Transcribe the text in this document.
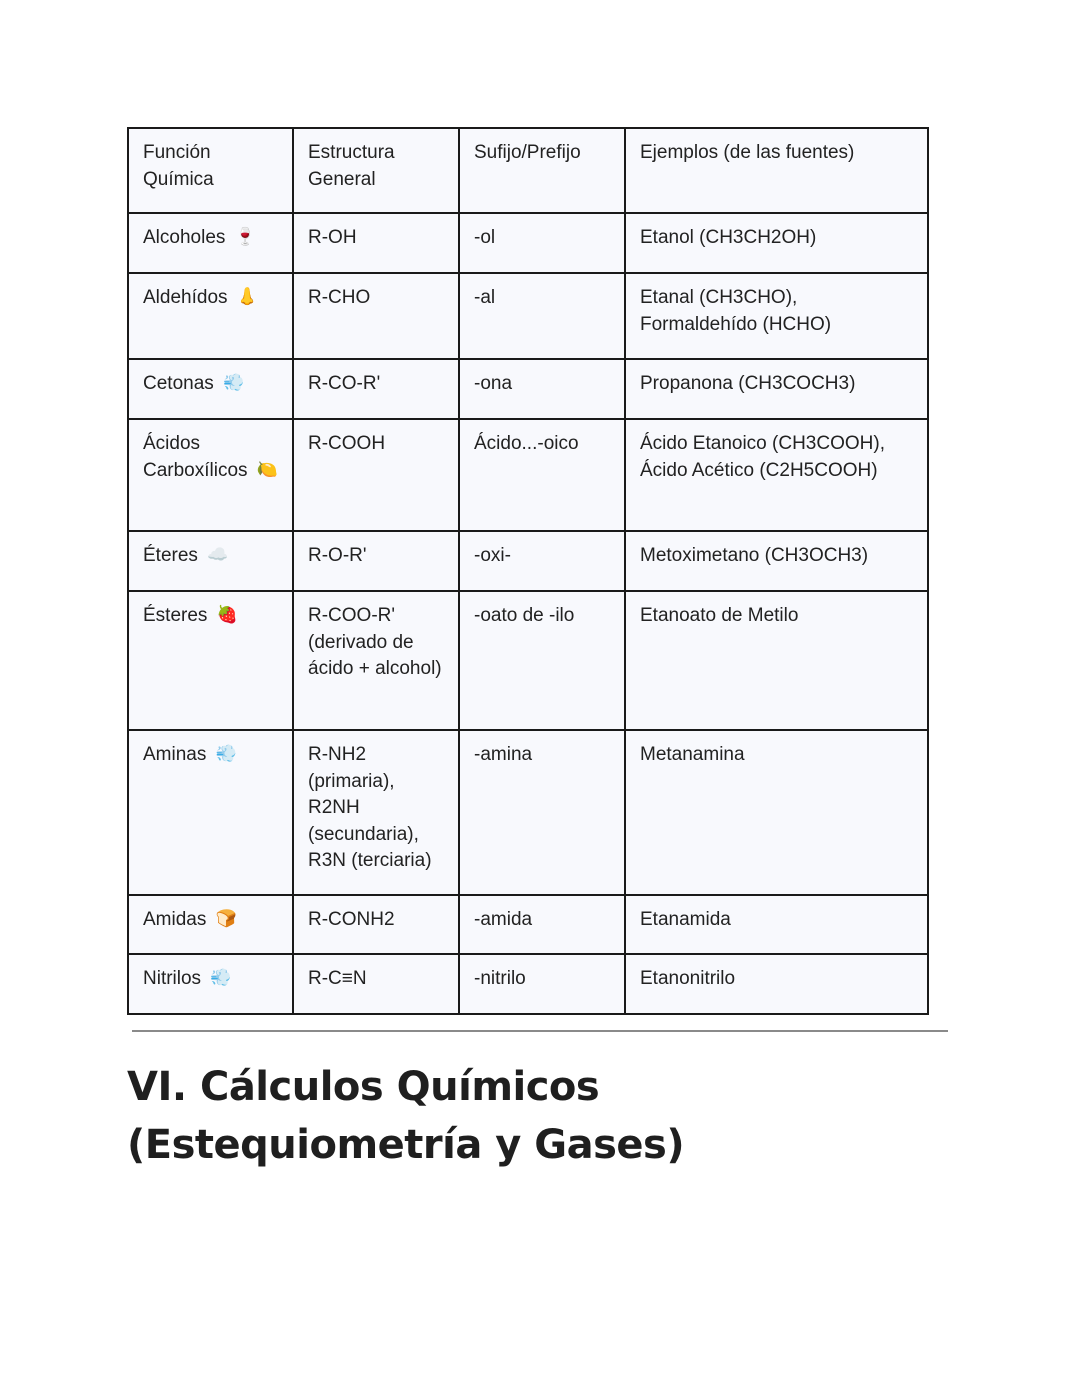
Función Química	Estructura General	Sufijo/Prefijo	Ejemplos (de las fuentes)
Alcoholes 🍷	R-OH	-ol	Etanol (CH3CH2OH)
Aldehídos 👃	R-CHO	-al	Etanal (CH3CHO), Formaldehído (HCHO)
Cetonas 💨	R-CO-R'	-ona	Propanona (CH3COCH3)
Ácidos Carboxílicos 🍋	R-COOH	Ácido...-oico	Ácido Etanoico (CH3COOH), Ácido Acético (C2H5COOH)
Éteres ☁️	R-O-R'	-oxi-	Metoximetano (CH3OCH3)
Ésteres 🍓	R-COO-R' (derivado de ácido + alcohol)	-oato de -ilo	Etanoato de Metilo
Aminas 💨	R-NH2 (primaria), R2NH (secundaria), R3N (terciaria)	-amina	Metanamina
Amidas 🍞	R-CONH2	-amida	Etanamida
Nitrilos 💨	R-C≡N	-nitrilo	Etanonitrilo
VI. Cálculos Químicos (Estequiometría y Gases)
